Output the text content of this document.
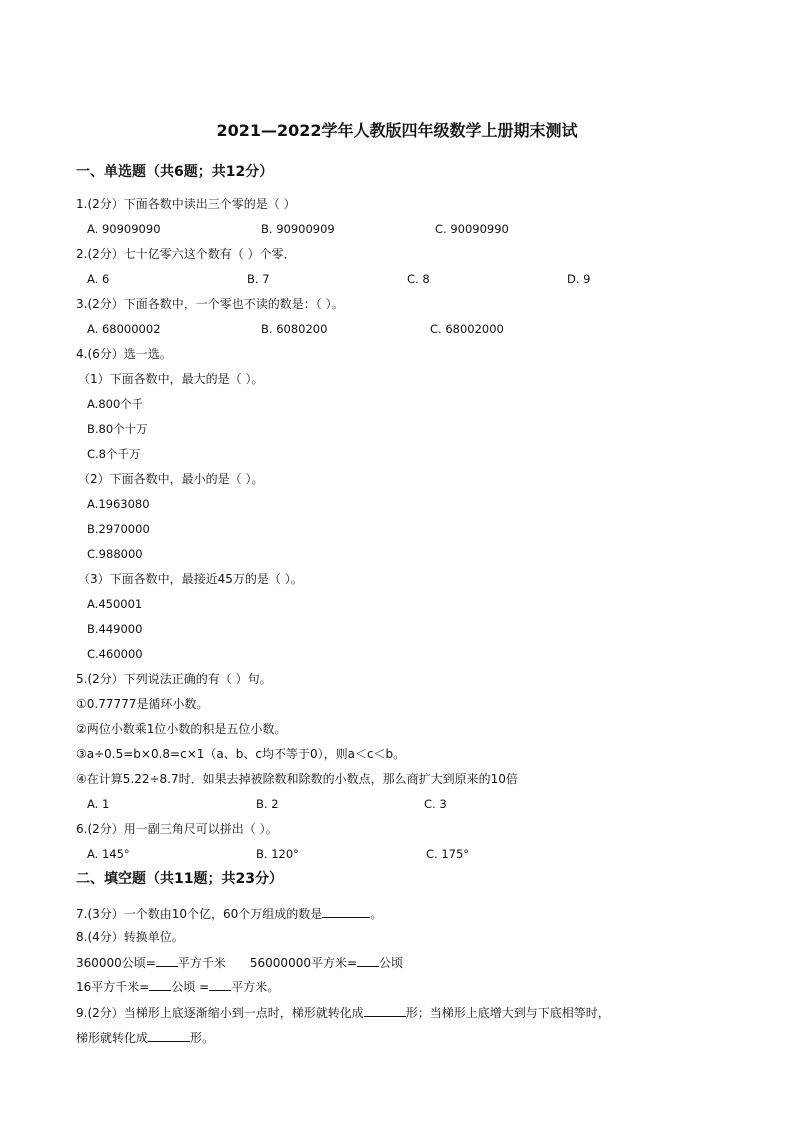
2021—2022学年人教版四年级数学上册期末测试
一、单选题（共6题；共12分）
1.(2分）下面各数中读出三个零的是（ ）
A. 90909090	B. 90900909	C. 90090990
2.(2分）七十亿零六这个数有（ ）个零．
A. 6	B. 7	C. 8	D. 9
3.(2分）下面各数中，一个零也不读的数是：（ ）。
A. 68000002	B. 6080200	C. 68002000
4.(6分）选一选。
（1）下面各数中，最大的是（ ）。
A.800个千
B.80个十万
C.8个千万
（2）下面各数中，最小的是（ ）。
A.1963080
B.2970000
C.988000
（3）下面各数中，最接近45万的是（ ）。
A.450001
B.449000
C.460000
5.(2分）下列说法正确的有（ ）句。
①0.77777是循环小数。
②两位小数乘1位小数的积是五位小数。
③a÷0.5=b×0.8=c×1（a、b、c均不等于0），则a＜c＜b。
④在计算5.22÷8.7时．如果去掉被除数和除数的小数点，那么商扩大到原来的10倍
A. 1	B. 2	C. 3
6.(2分）用一副三角尺可以拼出（ ）。
A. 145°	B. 120°	C. 175°
二、填空题（共11题；共23分）
7.(3分）一个数由10个亿，60个万组成的数是	。
8.(4分）转换单位。
360000公顷= 平方千米 56000000平方米= 公顷
16平方千米= 公顷 = 平方米。
9.(2分）当梯形上底逐渐缩小到一点时，梯形就转化成	形；当梯形上底增大到与下底相等时，
梯形就转化成	形。
